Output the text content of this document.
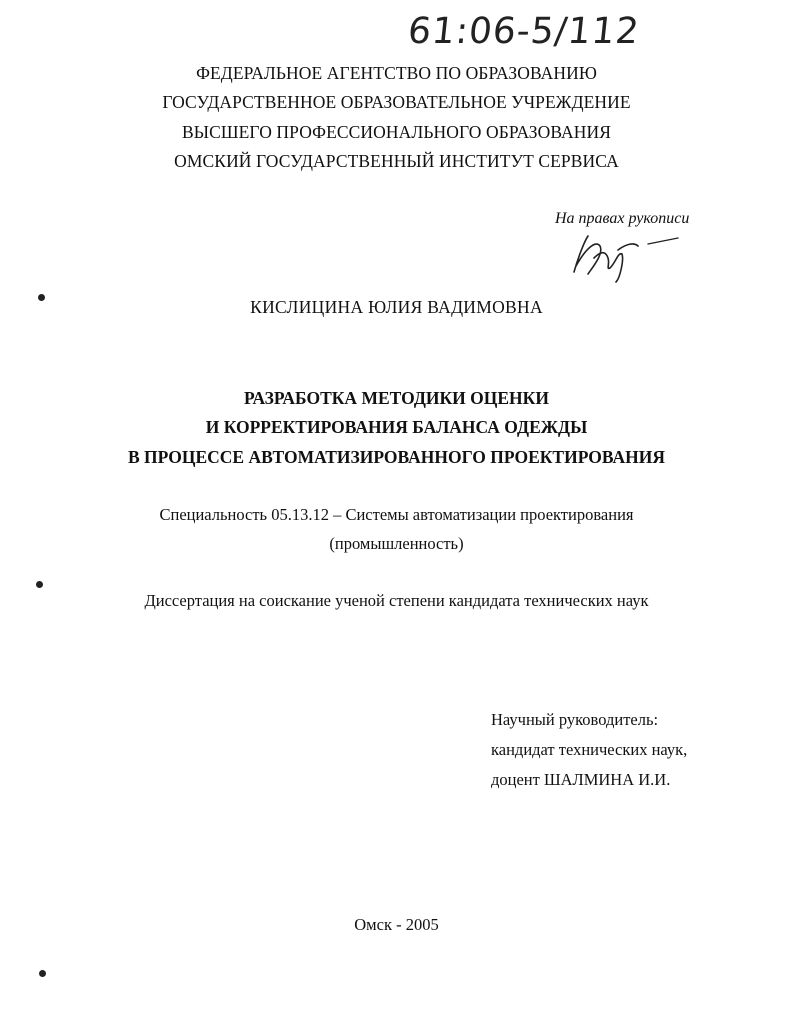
61:06-5/112
ФЕДЕРАЛЬНОЕ АГЕНТСТВО ПО ОБРАЗОВАНИЮ
ГОСУДАРСТВЕННОЕ ОБРАЗОВАТЕЛЬНОЕ УЧРЕЖДЕНИЕ
ВЫСШЕГО ПРОФЕССИОНАЛЬНОГО ОБРАЗОВАНИЯ
ОМСКИЙ ГОСУДАРСТВЕННЫЙ ИНСТИТУТ СЕРВИСА
На правах рукописи
КИСЛИЦИНА ЮЛИЯ ВАДИМОВНА
РАЗРАБОТКА МЕТОДИКИ ОЦЕНКИ
И КОРРЕКТИРОВАНИЯ БАЛАНСА ОДЕЖДЫ
В ПРОЦЕССЕ АВТОМАТИЗИРОВАННОГО ПРОЕКТИРОВАНИЯ
Специальность 05.13.12 – Системы автоматизации проектирования
(промышленность)
Диссертация на соискание ученой степени кандидата технических наук
Научный руководитель:
кандидат технических наук,
доцент ШАЛМИНА И.И.
Омск - 2005
